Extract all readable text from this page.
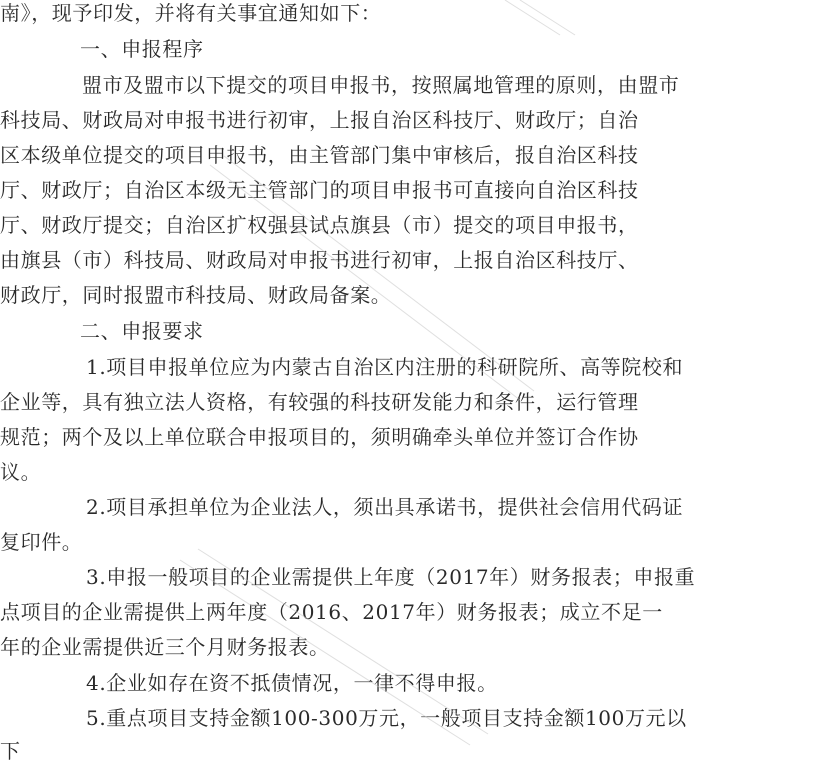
南》，现予印发，并将有关事宜通知如下：
一、申报程序
盟市及盟市以下提交的项目申报书，按照属地管理的原则，由盟市
科技局、财政局对申报书进行初审，上报自治区科技厅、财政厅；自治
区本级单位提交的项目申报书，由主管部门集中审核后，报自治区科技
厅、财政厅；自治区本级无主管部门的项目申报书可直接向自治区科技
厅、财政厅提交；自治区扩权强县试点旗县（市）提交的项目申报书，
由旗县（市）科技局、财政局对申报书进行初审，上报自治区科技厅、
财政厅，同时报盟市科技局、财政局备案。
二、申报要求
1.项目申报单位应为内蒙古自治区内注册的科研院所、高等院校和
企业等，具有独立法人资格，有较强的科技研发能力和条件，运行管理
规范；两个及以上单位联合申报项目的，须明确牵头单位并签订合作协
议。
2.项目承担单位为企业法人，须出具承诺书，提供社会信用代码证
复印件。
3.申报一般项目的企业需提供上年度（2017年）财务报表；申报重
点项目的企业需提供上两年度（2016、2017年）财务报表；成立不足一
年的企业需提供近三个月财务报表。
4.企业如存在资不抵债情况，一律不得申报。
5.重点项目支持金额100-300万元，一般项目支持金额100万元以
下
